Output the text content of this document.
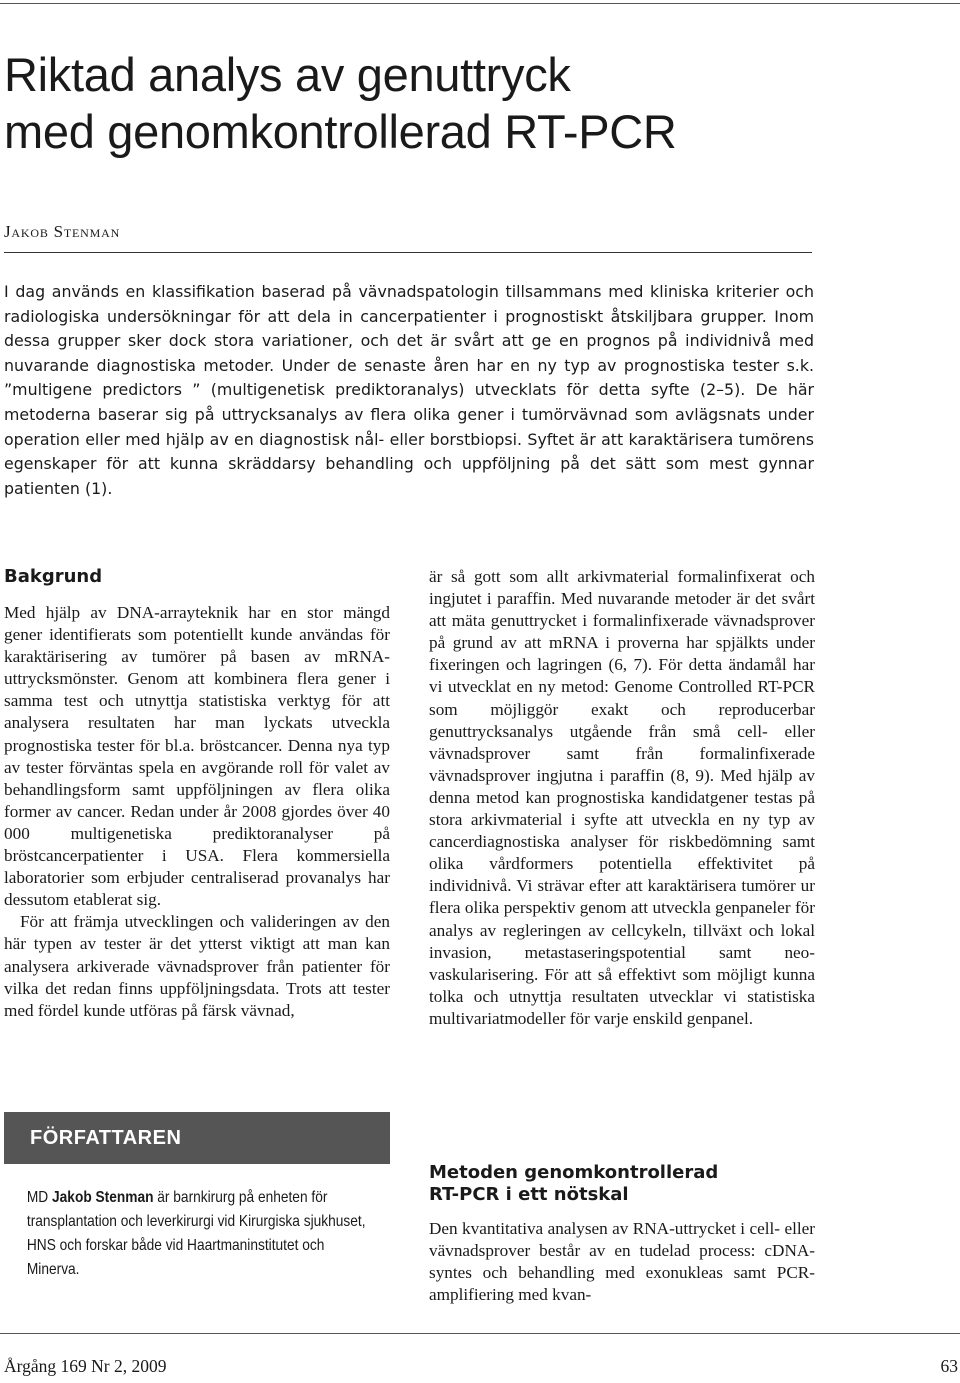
Riktad analys av genuttryck
med genomkontrollerad RT-PCR
Jakob Stenman

I dag används en klassifikation baserad på vävnadspatologin tillsammans med kliniska kriterier och radiologiska undersökningar för att dela in cancerpatienter i prognostiskt åtskiljbara grupper. Inom dessa grupper sker dock stora variationer, och det är svårt att ge en prognos på individnivå med nuvarande diagnostiska metoder. Under de senaste åren har en ny typ av prognostiska tester s.k. ”multigene predictors ” (multigenetisk prediktoranalys) utvecklats för detta syfte (2–5). De här metoderna baserar sig på uttrycksanalys av flera olika gener i tumörvävnad som avlägsnats under operation eller med hjälp av en diagnostisk nål- eller borstbiopsi. Syftet är att karaktärisera tumörens egenskaper för att kunna skräddarsy behandling och uppföljning på det sätt som mest gynnar patienten (1).

Bakgrund

Med hjälp av DNA-arrayteknik har en stor mängd gener identifierats som potentiellt kunde användas för karaktärisering av tumörer på basen av mRNA-uttrycksmönster. Genom att kombinera flera gener i samma test och utnyttja statistiska verktyg för att analysera resultaten har man lyckats utveckla prognostiska tester för bl.a. bröstcancer. Denna nya typ av tester förväntas spela en avgörande roll för valet av behandlingsform samt uppföljningen av flera olika former av cancer. Redan under år 2008 gjordes över 40 000 multigenetiska prediktoranalyser på bröstcancerpatienter i USA. Flera kommersiella laboratorier som erbjuder centraliserad provanalys har dessutom etablerat sig.

För att främja utvecklingen och valideringen av den här typen av tester är det ytterst viktigt att man kan analysera arkiverade vävnadsprover från patienter för vilka det redan finns uppföljningsdata. Trots att tester med fördel kunde utföras på färsk vävnad,

är så gott som allt arkivmaterial formalinfixerat och ingjutet i paraffin. Med nuvarande metoder är det svårt att mäta genuttrycket i formalinfixerade vävnadsprover på grund av att mRNA i proverna har spjälkts under fixeringen och lagringen (6, 7). För detta ändamål har vi utvecklat en ny metod: Genome Controlled RT-PCR som möjliggör exakt och reproducerbar genuttrycksanalys utgående från små cell- eller vävnadsprover samt från formalinfixerade vävnadsprover ingjutna i paraffin (8, 9). Med hjälp av denna metod kan prognostiska kandidatgener testas på stora arkivmaterial i syfte att utveckla en ny typ av cancerdiagnostiska analyser för riskbedömning samt olika vårdformers potentiella effektivitet på individnivå. Vi strävar efter att karaktärisera tumörer ur flera olika perspektiv genom att utveckla genpaneler för analys av regleringen av cellcykeln, tillväxt och lokal invasion, metastaseringspotential samt neo-vaskularisering. För att så effektivt som möjligt kunna tolka och utnyttja resultaten utvecklar vi statistiska multivariatmodeller för varje enskild genpanel.

Metoden genomkontrollerad
RT-PCR i ett nötskal

Den kvantitativa analysen av RNA-uttrycket i cell- eller vävnadsprover består av en tudelad process: cDNA-syntes och behandling med exonukleas samt PCR-amplifiering med kvan-

FÖRFATTAREN
MD Jakob Stenman är barnkirurg på enheten för transplantation och leverkirurgi vid Kirurgiska sjukhuset, HNS och forskar både vid Haartmaninstitutet och Minerva.
Årgång 169 Nr 2, 2009	63
